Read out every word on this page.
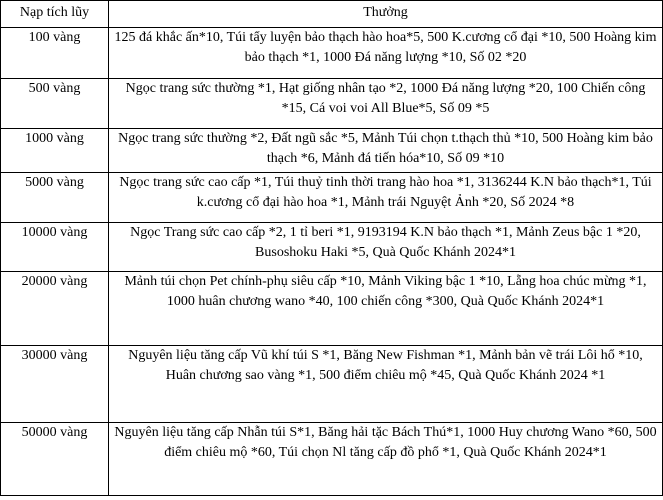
Nạp tích lũy	Thưởng
100 vàng	125 đá khắc ấn*10, Túi tẩy luyện bảo thạch hào hoa*5, 500 K.cương cổ đại *10, 500 Hoàng kim bảo thạch *1, 1000 Đá năng lượng *10, Số 02 *20
500 vàng	Ngọc trang sức thường *1, Hạt giống nhân tạo *2, 1000 Đá năng lượng *20, 100 Chiến công *15, Cá voi voi All Blue*5, Số 09 *5
1000 vàng	Ngọc trang sức thường *2, Đất ngũ sắc *5, Mảnh Túi chọn t.thạch thủ *10, 500 Hoàng kim bảo thạch *6, Mảnh đá tiến hóa*10, Số 09 *10
5000 vàng	Ngọc trang sức cao cấp *1, Túi thuỷ tinh thời trang hào hoa *1, 3136244 K.N bảo thạch*1, Túi k.cương cổ đại hào hoa *1, Mảnh trái Nguyệt Ảnh *20, Số 2024 *8
10000 vàng	Ngọc Trang sức cao cấp *2, 1 tỉ beri *1, 9193194 K.N bảo thạch *1, Mảnh Zeus bậc 1 *20, Busoshoku Haki *5, Quà Quốc Khánh 2024*1
20000 vàng	Mảnh túi chọn Pet chính-phụ siêu cấp *10, Mảnh Viking bậc 1 *10, Lẵng hoa chúc mừng *1, 1000 huân chương wano *40, 100 chiến công *300, Quà Quốc Khánh 2024*1
30000 vàng	Nguyên liệu tăng cấp Vũ khí túi S *1, Băng New Fishman *1, Mảnh bản vẽ trái Lôi hổ *10, Huân chương sao vàng *1, 500 điểm chiêu mộ *45, Quà Quốc Khánh 2024 *1
50000 vàng	Nguyên liệu tăng cấp Nhẫn túi S*1, Băng hải tặc Bách Thú*1, 1000 Huy chương Wano *60, 500 điểm chiêu mộ *60, Túi chọn Nl tăng cấp đồ phổ *1, Quà Quốc Khánh 2024*1
